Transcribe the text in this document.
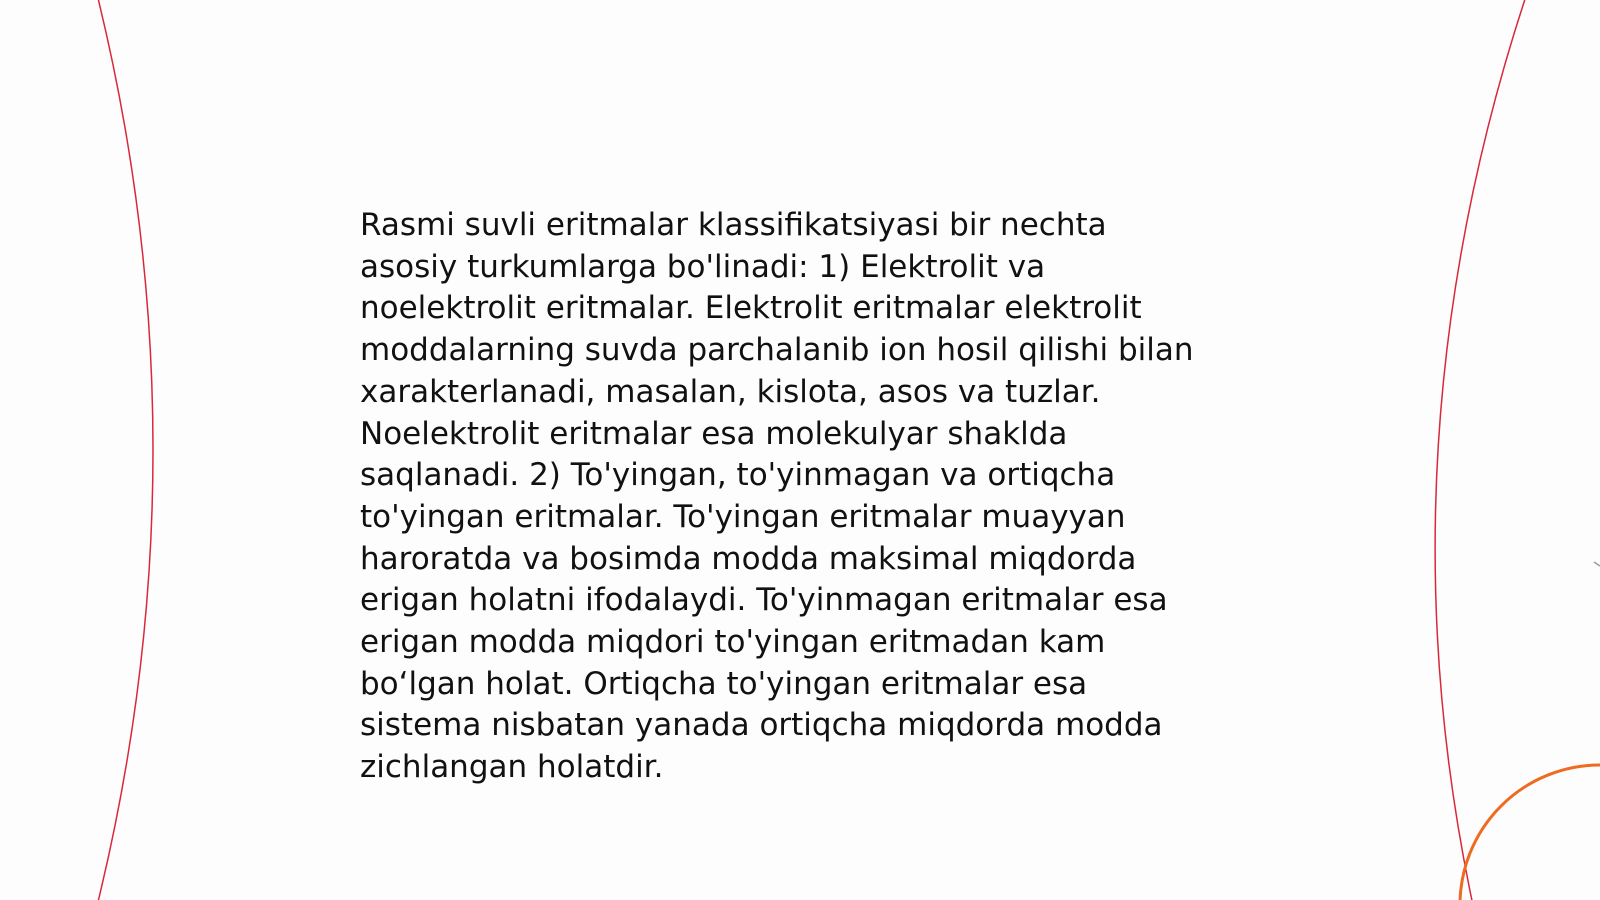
Rasmi suvli eritmalar klassifikatsiyasi bir nechta
asosiy turkumlarga bo'linadi: 1) Elektrolit va
noelektrolit eritmalar. Elektrolit eritmalar elektrolit
moddalarning suvda parchalanib ion hosil qilishi bilan
xarakterlanadi, masalan, kislota, asos va tuzlar.
Noelektrolit eritmalar esa molekulyar shaklda
saqlanadi. 2) To'yingan, to'yinmagan va ortiqcha
to'yingan eritmalar. To'yingan eritmalar muayyan
haroratda va bosimda modda maksimal miqdorda
erigan holatni ifodalaydi. To'yinmagan eritmalar esa
erigan modda miqdori to'yingan eritmadan kam
bo‘lgan holat. Ortiqcha to'yingan eritmalar esa
sistema nisbatan yanada ortiqcha miqdorda modda
zichlangan holatdir.
